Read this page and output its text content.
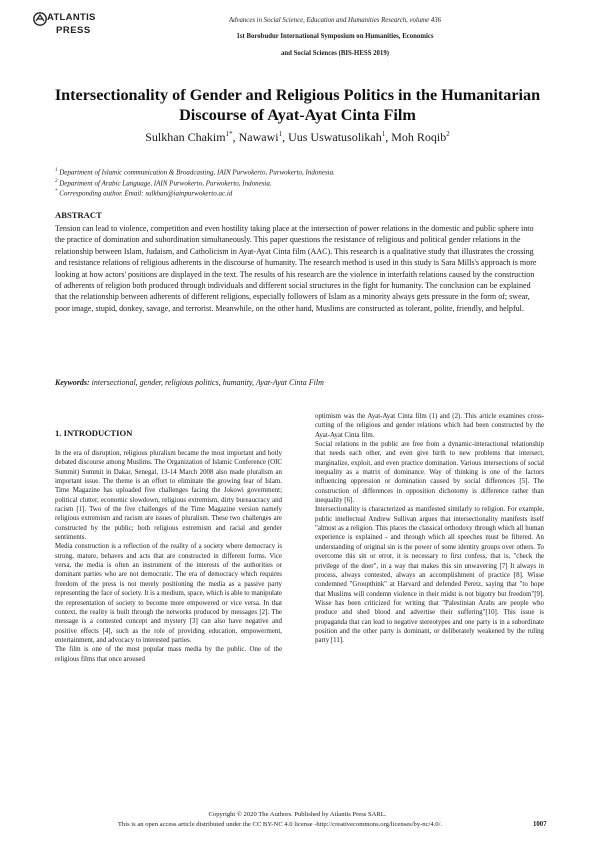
ATLANTIS
PRESS
Advances in Social Science, Education and Humanities Research, volume 436
1st Borobudur International Symposium on Humanities, Economics
and Social Sciences (BIS-HESS 2019)
Intersectionality of Gender and Religious Politics in the Humanitarian Discourse of Ayat-Ayat Cinta Film
Sulkhan Chakim$^{1*}$, Nawawi$^1$, Uus Uswatusolikah$^1$, Moh Roqib$^2$
$^1$ Department of Islamic communication & Broadcasting, IAIN Purwokerto, Purwokerto, Indonesia.
$^2$ Department of Arabic Language, IAIN Purwokerto, Purwokerto, Indonesia.
* Corresponding author. Email: sulkhan@iainpurwokerto.ac.id
ABSTRACT
Tension can lead to violence, competition and even hostility taking place at the intersection of power relations in the domestic and public sphere into the practice of domination and subordination simultaneously. This paper questions the resistance of religious and political gender relations in the relationship between Islam, Judaism, and Catholicism in Ayat-Ayat Cinta film (AAC). This research is a qualitative study that illustrates the crossing and resistance relations of religious adherents in the discourse of humanity. The research method is used in this study is Sara Mills's approach is more looking at how actors' positions are displayed in the text. The results of his research are the violence in interfaith relations caused by the construction of adherents of religion both produced through individuals and different social structures in the fight for humanity. The conclusion can be explained that the relationship between adherents of different religions, especially followers of Islam as a minority always gets pressure in the form of; swear, poor image, stupid, donkey, savage, and terrorist. Meanwhile, on the other hand, Muslims are constructed as tolerant, polite, friendly, and helpful.
Keywords: intersectional, gender, religious politics, humanity, Ayat-Ayat Cinta Film
1. INTRODUCTION

In the era of disruption, religious pluralism became the most important and hotly debated discourse among Muslims. The Organization of Islamic Conference (OIC Summit) Summit in Dakar, Senegal, 13-14 March 2008 also made pluralism an important issue. The theme is an effort to eliminate the growing fear of Islam. Time Magazine has uploaded five challenges facing the Jokowi government; political clutter, economic slowdown, religious extremism, dirty bureaucracy and racism [1]. Two of the five challenges of the Time Magazine version namely religious extremism and racism are issues of pluralism. These two challenges are constructed by the public; both religious extremism and racial and gender sentiments.

Media construction is a reflection of the reality of a society where democracy is strong, mature, behaves and acts that are constructed in different forms. Vice versa, the media is often an instrument of the interests of the authorities or dominant parties who are not democratic. The era of democracy which requires freedom of the press is not merely positioning the media as a passive party representing the face of society. It is a medium, space, which is able to manipulate the representation of society to become more empowered or vice versa. In that context, the reality is built through the networks produced by messages [2]. The message is a contested concept and mystery [3] can also have negative and positive effects [4], such as the role of providing education, empowerment, entertainment, and advocacy to interested parties.

The film is one of the most popular mass media by the public. One of the religious films that once aroused

optimism was the Ayat-Ayat Cinta film (1) and (2). This article examines cross-cutting of the religious and gender relations which had been constructed by the Ayat-Ayat Cinta film.

Social relations in the public are free from a dynamic-interactional relationship that needs each other, and even give birth to new problems that intersect, marginalize, exploit, and even practice domination. Various intersections of social inequality as a matrix of dominance. Way of thinking is one of the factors influencing oppression or domination caused by social differences [5]. The construction of differences in opposition dichotomy is difference rather than inequality [6].

Intersectionality is characterized as manifested similarly to religion. For example, public intellectual Andrew Sullivan argues that intersectionality manifests itself "almost as a religion. This places the classical orthodoxy through which all human experience is explained - and through which all speeches must be filtered. An understanding of original sin is the power of some identity groups over others. To overcome this sin or error, it is necessary to first confess, that is, "check the privilege of the doer", in a way that makes this sin unwavering [7] It always in process, always contested, always an accomplishment of practice [8]. Wisse condemned "Groupthink" at Harvard and defended Peretz, saying that "to hope that Muslims will condemn violence in their midst is not bigotry but freedom"[9]. Wisse has been criticized for writing that "Palestinian Arabs are people who produce and shed blood and advertise their suffering"[10]. This issue is propaganda that can lead to negative stereotypes and one party is in a subordinate position and the other party is dominant, or deliberately weakened by the ruling party [11].

Copyright © 2020 The Authors. Published by Atlantis Press SARL.
This is an open access article distributed under the CC BY-NC 4.0 license -http://creativecommons.org/licenses/by-nc/4.0/.	1007
